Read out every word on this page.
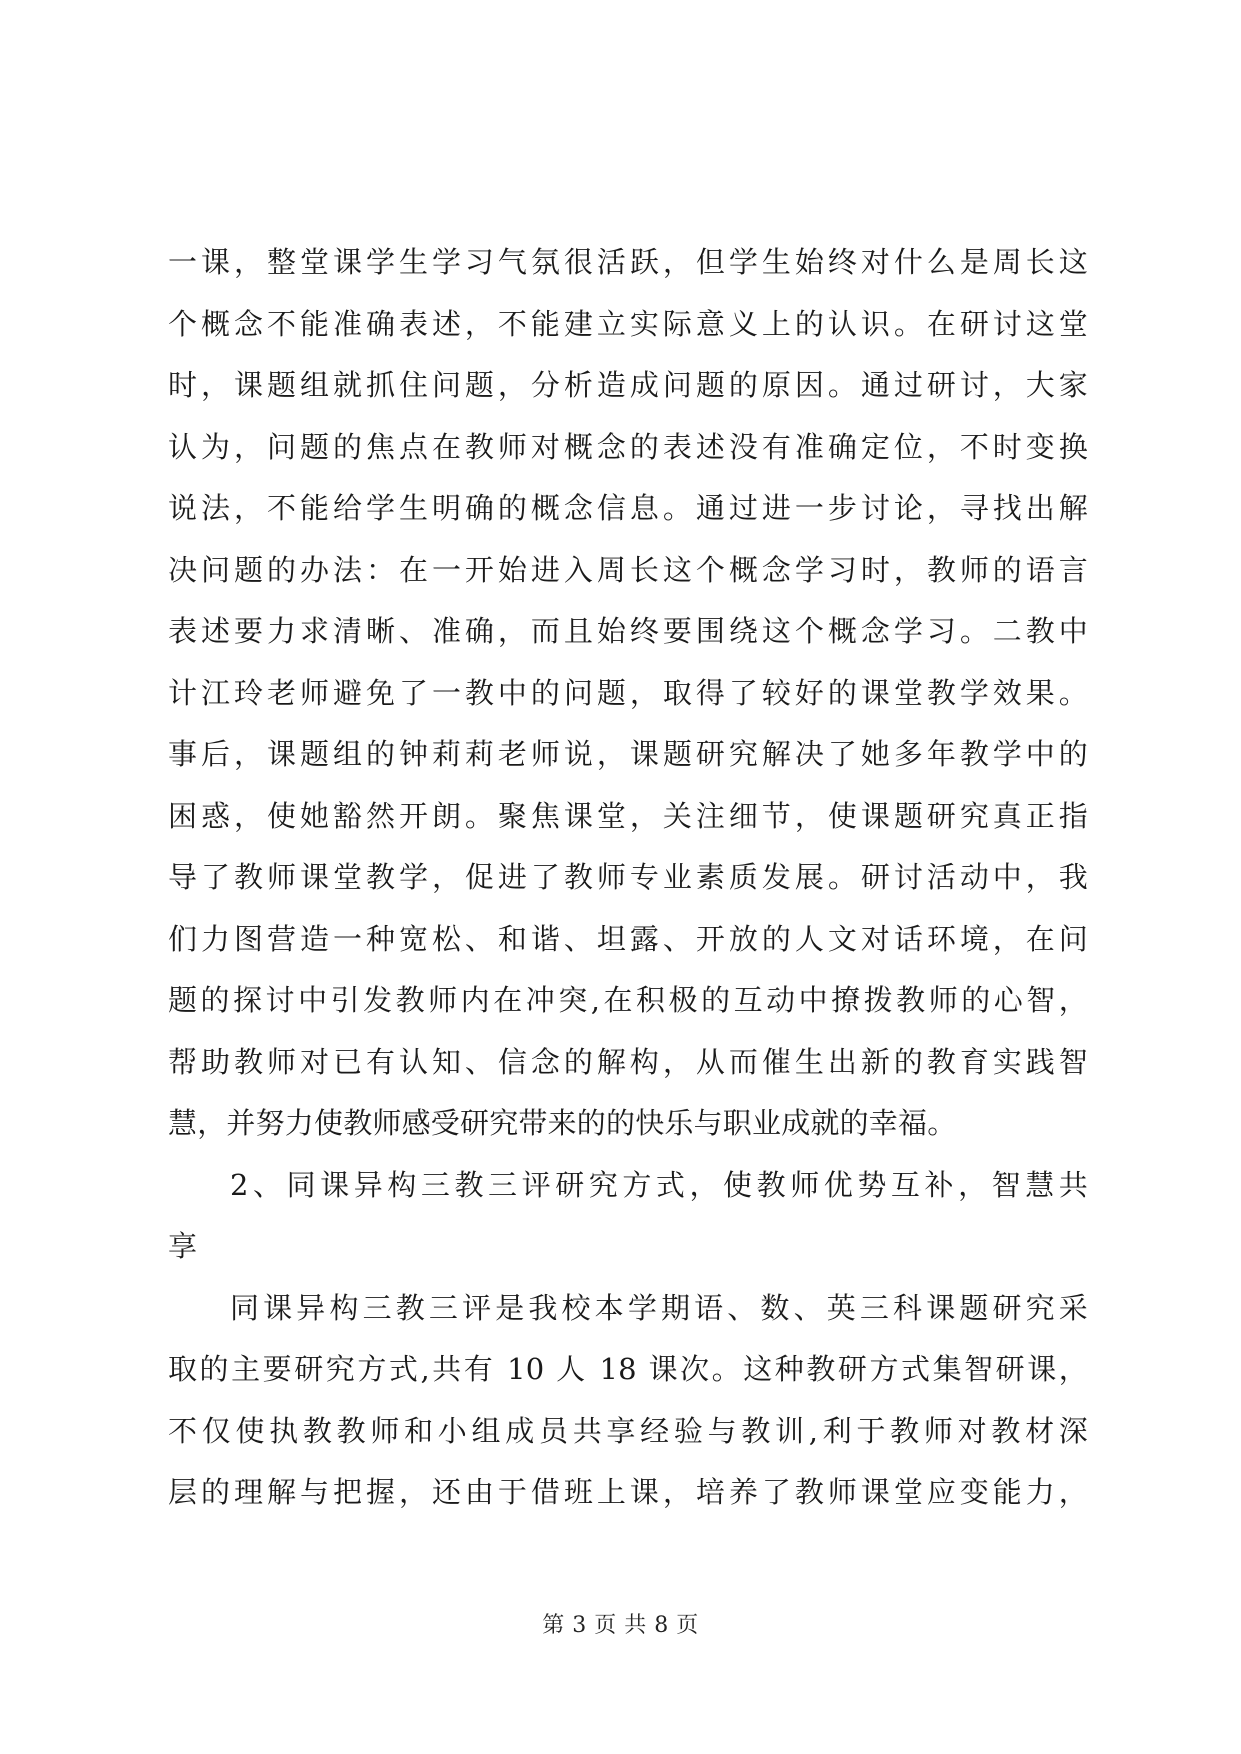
一课，整堂课学生学习气氛很活跃，但学生始终对什么是周长这
个概念不能准确表述，不能建立实际意义上的认识。在研讨这堂
时，课题组就抓住问题，分析造成问题的原因。通过研讨，大家
认为，问题的焦点在教师对概念的表述没有准确定位，不时变换
说法，不能给学生明确的概念信息。通过进一步讨论，寻找出解
决问题的办法：在一开始进入周长这个概念学习时，教师的语言
表述要力求清晰、准确，而且始终要围绕这个概念学习。二教中
计江玲老师避免了一教中的问题，取得了较好的课堂教学效果。
事后，课题组的钟莉莉老师说，课题研究解决了她多年教学中的
困惑，使她豁然开朗。聚焦课堂，关注细节，使课题研究真正指
导了教师课堂教学，促进了教师专业素质发展。研讨活动中，我
们力图营造一种宽松、和谐、坦露、开放的人文对话环境，在问
题的探讨中引发教师内在冲突,在积极的互动中撩拨教师的心智，
帮助教师对已有认知、信念的解构，从而催生出新的教育实践智
慧，并努力使教师感受研究带来的的快乐与职业成就的幸福。
2、同课异构三教三评研究方式，使教师优势互补，智慧共
享
同课异构三教三评是我校本学期语、数、英三科课题研究采
取的主要研究方式,共有 10 人 18 课次。这种教研方式集智研课，
不仅使执教教师和小组成员共享经验与教训,利于教师对教材深
层的理解与把握，还由于借班上课，培养了教师课堂应变能力，
第 3 页 共 8 页
